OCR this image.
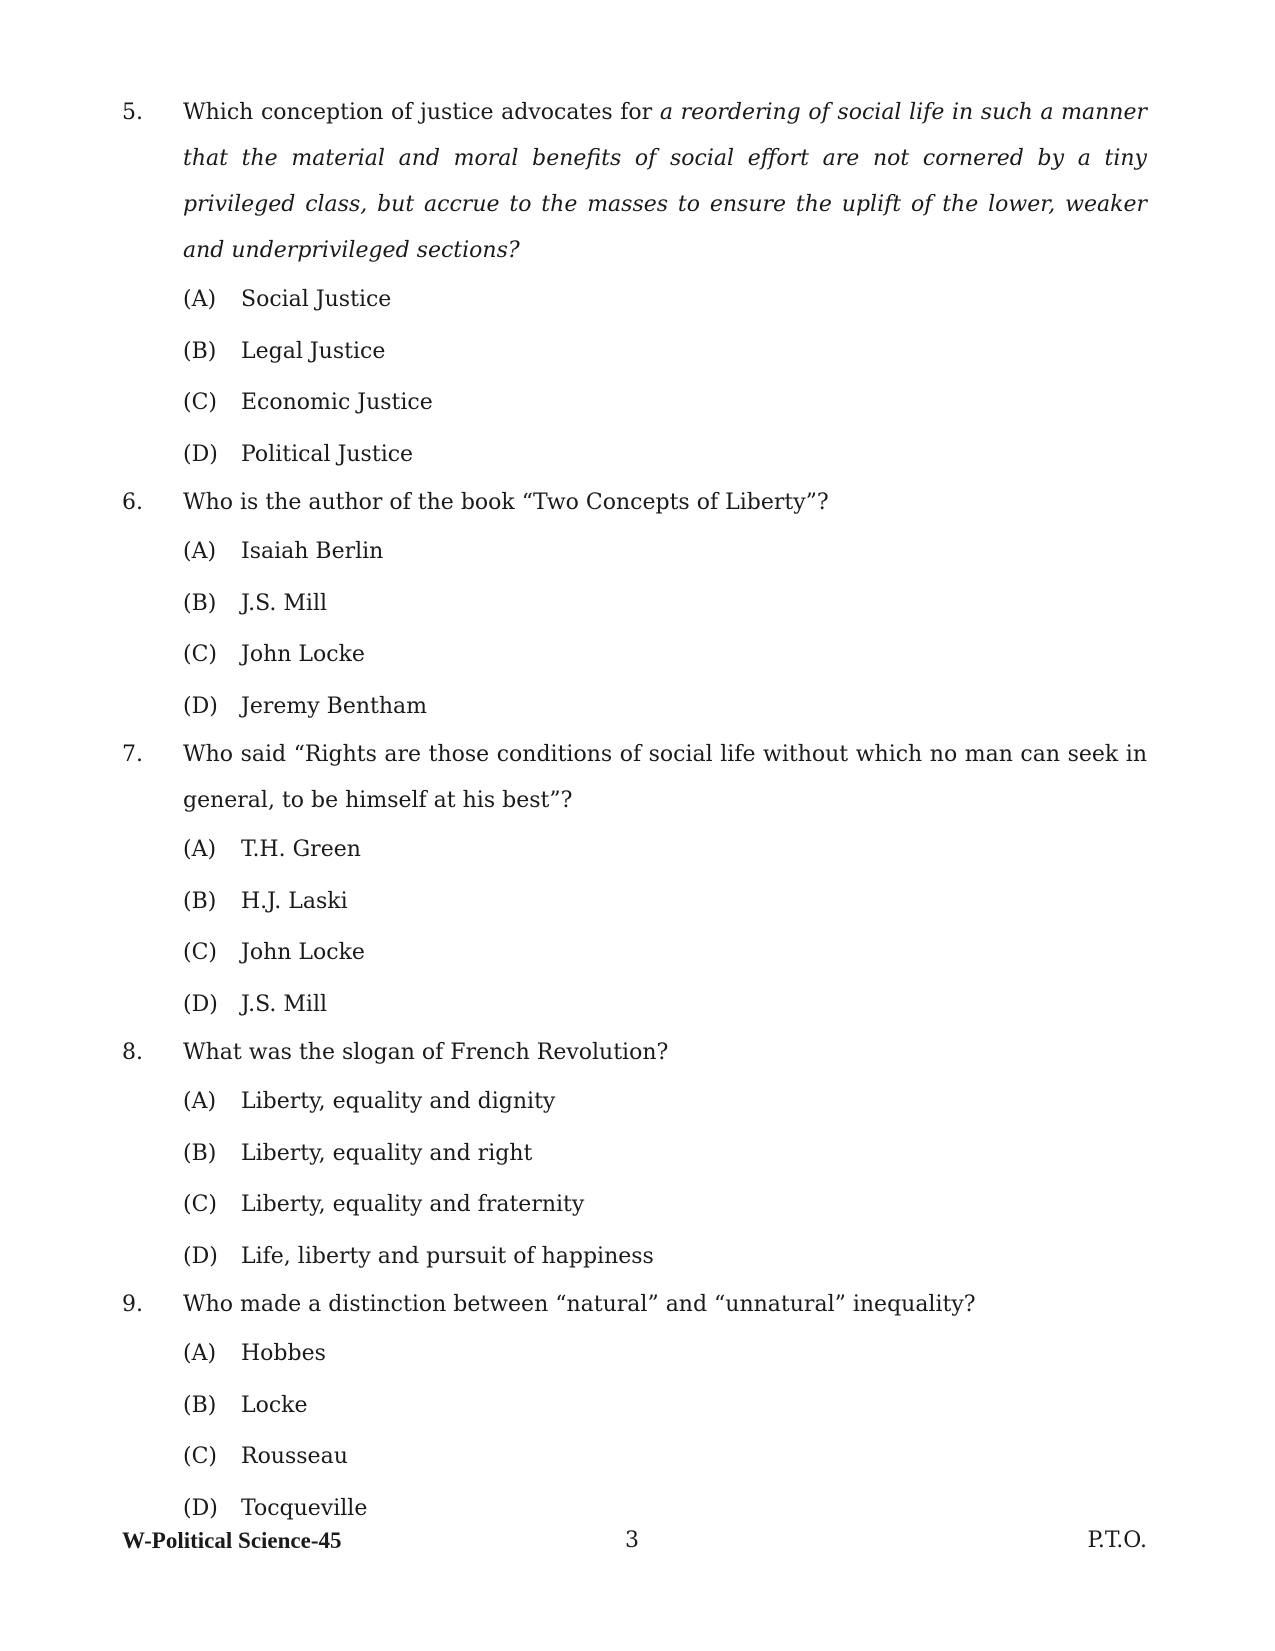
5.	Which conception of justice advocates for a reordering of social life in such a manner that the material and moral benefits of social effort are not cornered by a tiny privileged class, but accrue to the masses to ensure the uplift of the lower, weaker and underprivileged sections?
(A)	Social Justice
(B)	Legal Justice
(C)	Economic Justice
(D)	Political Justice
6.	Who is the author of the book “Two Concepts of Liberty”?
(A)	Isaiah Berlin
(B)	J.S. Mill
(C)	John Locke
(D)	Jeremy Bentham
7.	Who said “Rights are those conditions of social life without which no man can seek in general, to be himself at his best”?
(A)	T.H. Green
(B)	H.J. Laski
(C)	John Locke
(D)	J.S. Mill
8.	What was the slogan of French Revolution?
(A)	Liberty, equality and dignity
(B)	Liberty, equality and right
(C)	Liberty, equality and fraternity
(D)	Life, liberty and pursuit of happiness
9.	Who made a distinction between “natural” and “unnatural” inequality?
(A)	Hobbes
(B)	Locke
(C)	Rousseau
(D)	Tocqueville
W-Political Science-45	3	P.T.O.
